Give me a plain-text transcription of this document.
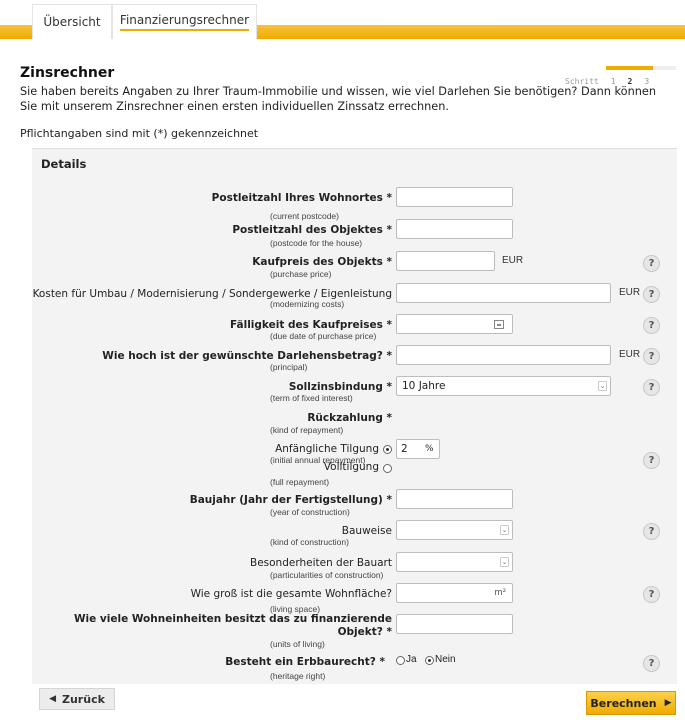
Übersicht Finanzierungsrechner
Zinsrechner
Schritt 1 2 3
Sie haben bereits Angaben zu Ihrer Traum-Immobilie und wissen, wie viel Darlehen Sie benötigen? Dann können Sie mit unserem Zinsrechner einen ersten individuellen Zinssatz errechnen.
Pflichtangaben sind mit (*) gekennzeichnet
Details
Postleitzahl Ihres Wohnortes *
(current postcode)
Postleitzahl des Objektes *
(postcode for the house)
Kaufpreis des Objekts *	EUR
(purchase price)
?
Kosten für Umbau / Modernisierung / Sondergewerke / Eigenleistung	EUR
(modernizing costs)
?
Fälligkeit des Kaufpreises *
(due date of purchase price)
?
Wie hoch ist der gewünschte Darlehensbetrag? *	EUR
(principal)
?
Sollzinsbindung * 10 Jahre	⌄
(term of fixed interest)
?
Rückzahlung *
(kind of repayment)
Anfängliche Tilgung 2 %
(initial annual repayment)
Volltilgung
(full repayment)
?
Baujahr (Jahr der Fertigstellung) *
(year of construction)
Bauweise	⌄
(kind of construction)
?
Besonderheiten der Bauart	⌄
(particularities of construction)
Wie groß ist die gesamte Wohnfläche?	m²
(living space)
?
Wie viele Wohneinheiten besitzt das zu finanzierende
Objekt? *
(units of living)
Besteht ein Erbbaurecht? * Ja Nein
(heritage right)
?
◀ Zurück	Berechnen ▶
